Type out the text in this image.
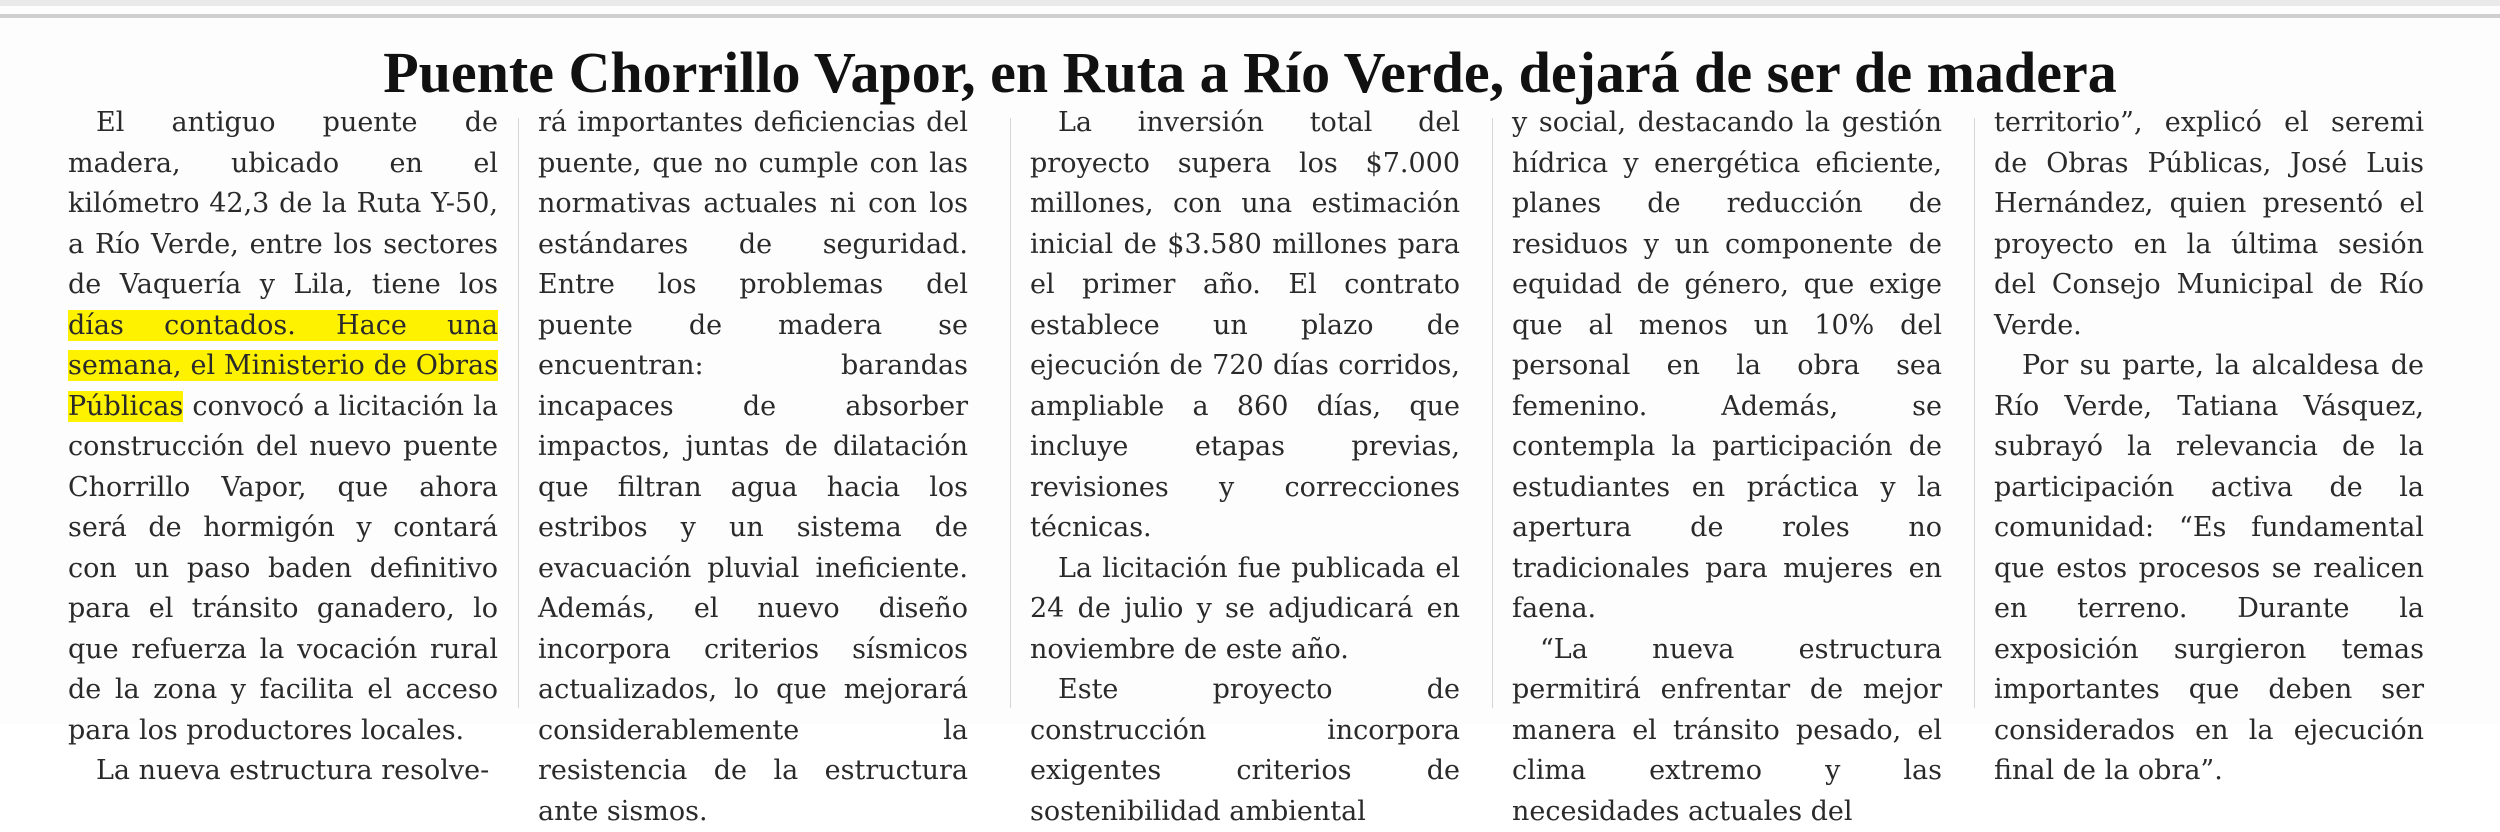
Puente Chorrillo Vapor, en Ruta a Río Verde, dejará de ser de madera

El antiguo puente de madera, ubicado en el kilómetro 42,3 de la Ruta Y-50, a Río Verde, entre los sectores de Vaquería y Lila, tiene los días contados. Hace una semana, el Ministerio de Obras Públicas convocó a licitación la construcción del nuevo puente Chorrillo Vapor, que ahora será de hormigón y contará con un paso baden definitivo para el tránsito ganadero, lo que refuerza la vocación rural de la zona y facilita el acceso para los productores locales.

La nueva estructura resolve-

rá importantes deficiencias del puente, que no cumple con las normativas actuales ni con los estándares de seguridad. Entre los problemas del puente de madera se encuentran: barandas incapaces de absorber impactos, juntas de dilatación que filtran agua hacia los estribos y un sistema de evacuación pluvial ineficiente. Además, el nuevo diseño incorpora criterios sísmicos actualizados, lo que mejorará considerablemente la resistencia de la estructura ante sismos.

La inversión total del proyecto supera los $7.000 millones, con una estimación inicial de $3.580 millones para el primer año. El contrato establece un plazo de ejecución de 720 días corridos, ampliable a 860 días, que incluye etapas previas, revisiones y correcciones técnicas.

La licitación fue publicada el 24 de julio y se adjudicará en noviembre de este año.

Este proyecto de construcción incorpora exigentes criterios de sostenibilidad ambiental

y social, destacando la gestión hídrica y energética eficiente, planes de reducción de residuos y un componente de equidad de género, que exige que al menos un 10% del personal en la obra sea femenino. Además, se contempla la participación de estudiantes en práctica y la apertura de roles no tradicionales para mujeres en faena.

“La nueva estructura permitirá enfrentar de mejor manera el tránsito pesado, el clima extremo y las necesidades actuales del

territorio”, explicó el seremi de Obras Públicas, José Luis Hernández, quien presentó el proyecto en la última sesión del Consejo Municipal de Río Verde.

Por su parte, la alcaldesa de Río Verde, Tatiana Vásquez, subrayó la relevancia de la participación activa de la comunidad: “Es fundamental que estos procesos se realicen en terreno. Durante la exposición surgieron temas importantes que deben ser considerados en la ejecución final de la obra”.
